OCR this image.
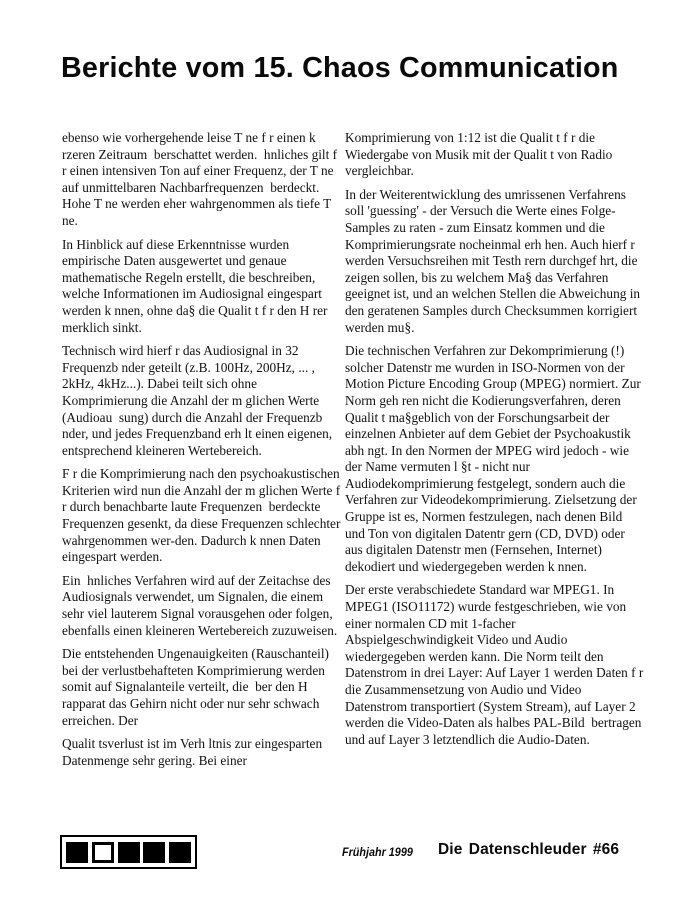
Berichte vom 15. Chaos Communication

ebenso wie vorhergehende leise T ne f r einen k rzeren Zeitraum  berschattet werden.  hnliches gilt f r einen intensiven Ton auf einer Frequenz, der T ne auf unmittelbaren Nachbarfrequenzen  berdeckt. Hohe T ne werden eher wahrgenommen als tiefe T ne.

In Hinblick auf diese Erkenntnisse wurden empirische Daten ausgewertet und genaue mathematische Regeln erstellt, die beschreiben, welche Informationen im Audiosignal eingespart werden k nnen, ohne da§ die Qualit t f r den H rer merklich sinkt.

Technisch wird hierf r das Audiosignal in 32 Frequenzb nder geteilt (z.B. 100Hz, 200Hz, ... , 2kHz, 4kHz...). Dabei teilt sich ohne Komprimierung die Anzahl der m glichen Werte (Audioau  sung) durch die Anzahl der Frequenzb nder, und jedes Frequenzband erh lt einen eigenen, entsprechend kleineren Wertebereich.

F r die Komprimierung nach den psychoakustischen Kriterien wird nun die Anzahl der m glichen Werte f r durch benachbarte laute Frequenzen  berdeckte Frequenzen gesenkt, da diese Frequenzen schlechter wahrgenommen wer-den. Dadurch k nnen Daten eingespart werden.

Ein  hnliches Verfahren wird auf der Zeitachse des Audiosignals verwendet, um Signalen, die einem sehr viel lauterem Signal vorausgehen oder folgen, ebenfalls einen kleineren Wertebereich zuzuweisen.

Die entstehenden Ungenauigkeiten (Rauschanteil) bei der verlustbehafteten Komprimierung werden somit auf Signalanteile verteilt, die  ber den H rapparat das Gehirn nicht oder nur sehr schwach erreichen. Der

Qualit tsverlust ist im Verh ltnis zur eingesparten Datenmenge sehr gering. Bei einer

Komprimierung von 1:12 ist die Qualit t f r die Wiedergabe von Musik mit der Qualit t von Radio vergleichbar.

In der Weiterentwicklung des umrissenen Verfahrens soll 'guessing' - der Versuch die Werte eines Folge-Samples zu raten - zum Einsatz kommen und die Komprimierungsrate nocheinmal erh hen. Auch hierf r werden Versuchsreihen mit Testh rern durchgef hrt, die zeigen sollen, bis zu welchem Ma§ das Verfahren geeignet ist, und an welchen Stellen die Abweichung in den geratenen Samples durch Checksummen korrigiert werden mu§.

Die technischen Verfahren zur Dekomprimierung (!) solcher Datenstr me wurden in ISO-Normen von der Motion Picture Encoding Group (MPEG) normiert. Zur Norm geh ren nicht die Kodierungsverfahren, deren Qualit t ma§geblich von der Forschungsarbeit der einzelnen Anbieter auf dem Gebiet der Psychoakustik abh ngt. In den Normen der MPEG wird jedoch - wie der Name vermuten l §t - nicht nur Audiodekomprimierung festgelegt, sondern auch die Verfahren zur Videodekomprimierung. Zielsetzung der Gruppe ist es, Normen festzulegen, nach denen Bild und Ton von digitalen Datentr gern (CD, DVD) oder aus digitalen Datenstr men (Fernsehen, Internet) dekodiert und wiedergegeben werden k nnen.

Der erste verabschiedete Standard war MPEG1. In MPEG1 (ISO11172) wurde festgeschrieben, wie von einer normalen CD mit 1-facher Abspielgeschwindigkeit Video und Audio wiedergegeben werden kann. Die Norm teilt den Datenstrom in drei Layer: Auf Layer 1 werden Daten f r die Zusammensetzung von Audio und Video Datenstrom transportiert (System Stream), auf Layer 2 werden die Video-Daten als halbes PAL-Bild  bertragen und auf Layer 3 letztendlich die Audio-Daten.

Frühjahr 1999 Die Datenschleuder #66
